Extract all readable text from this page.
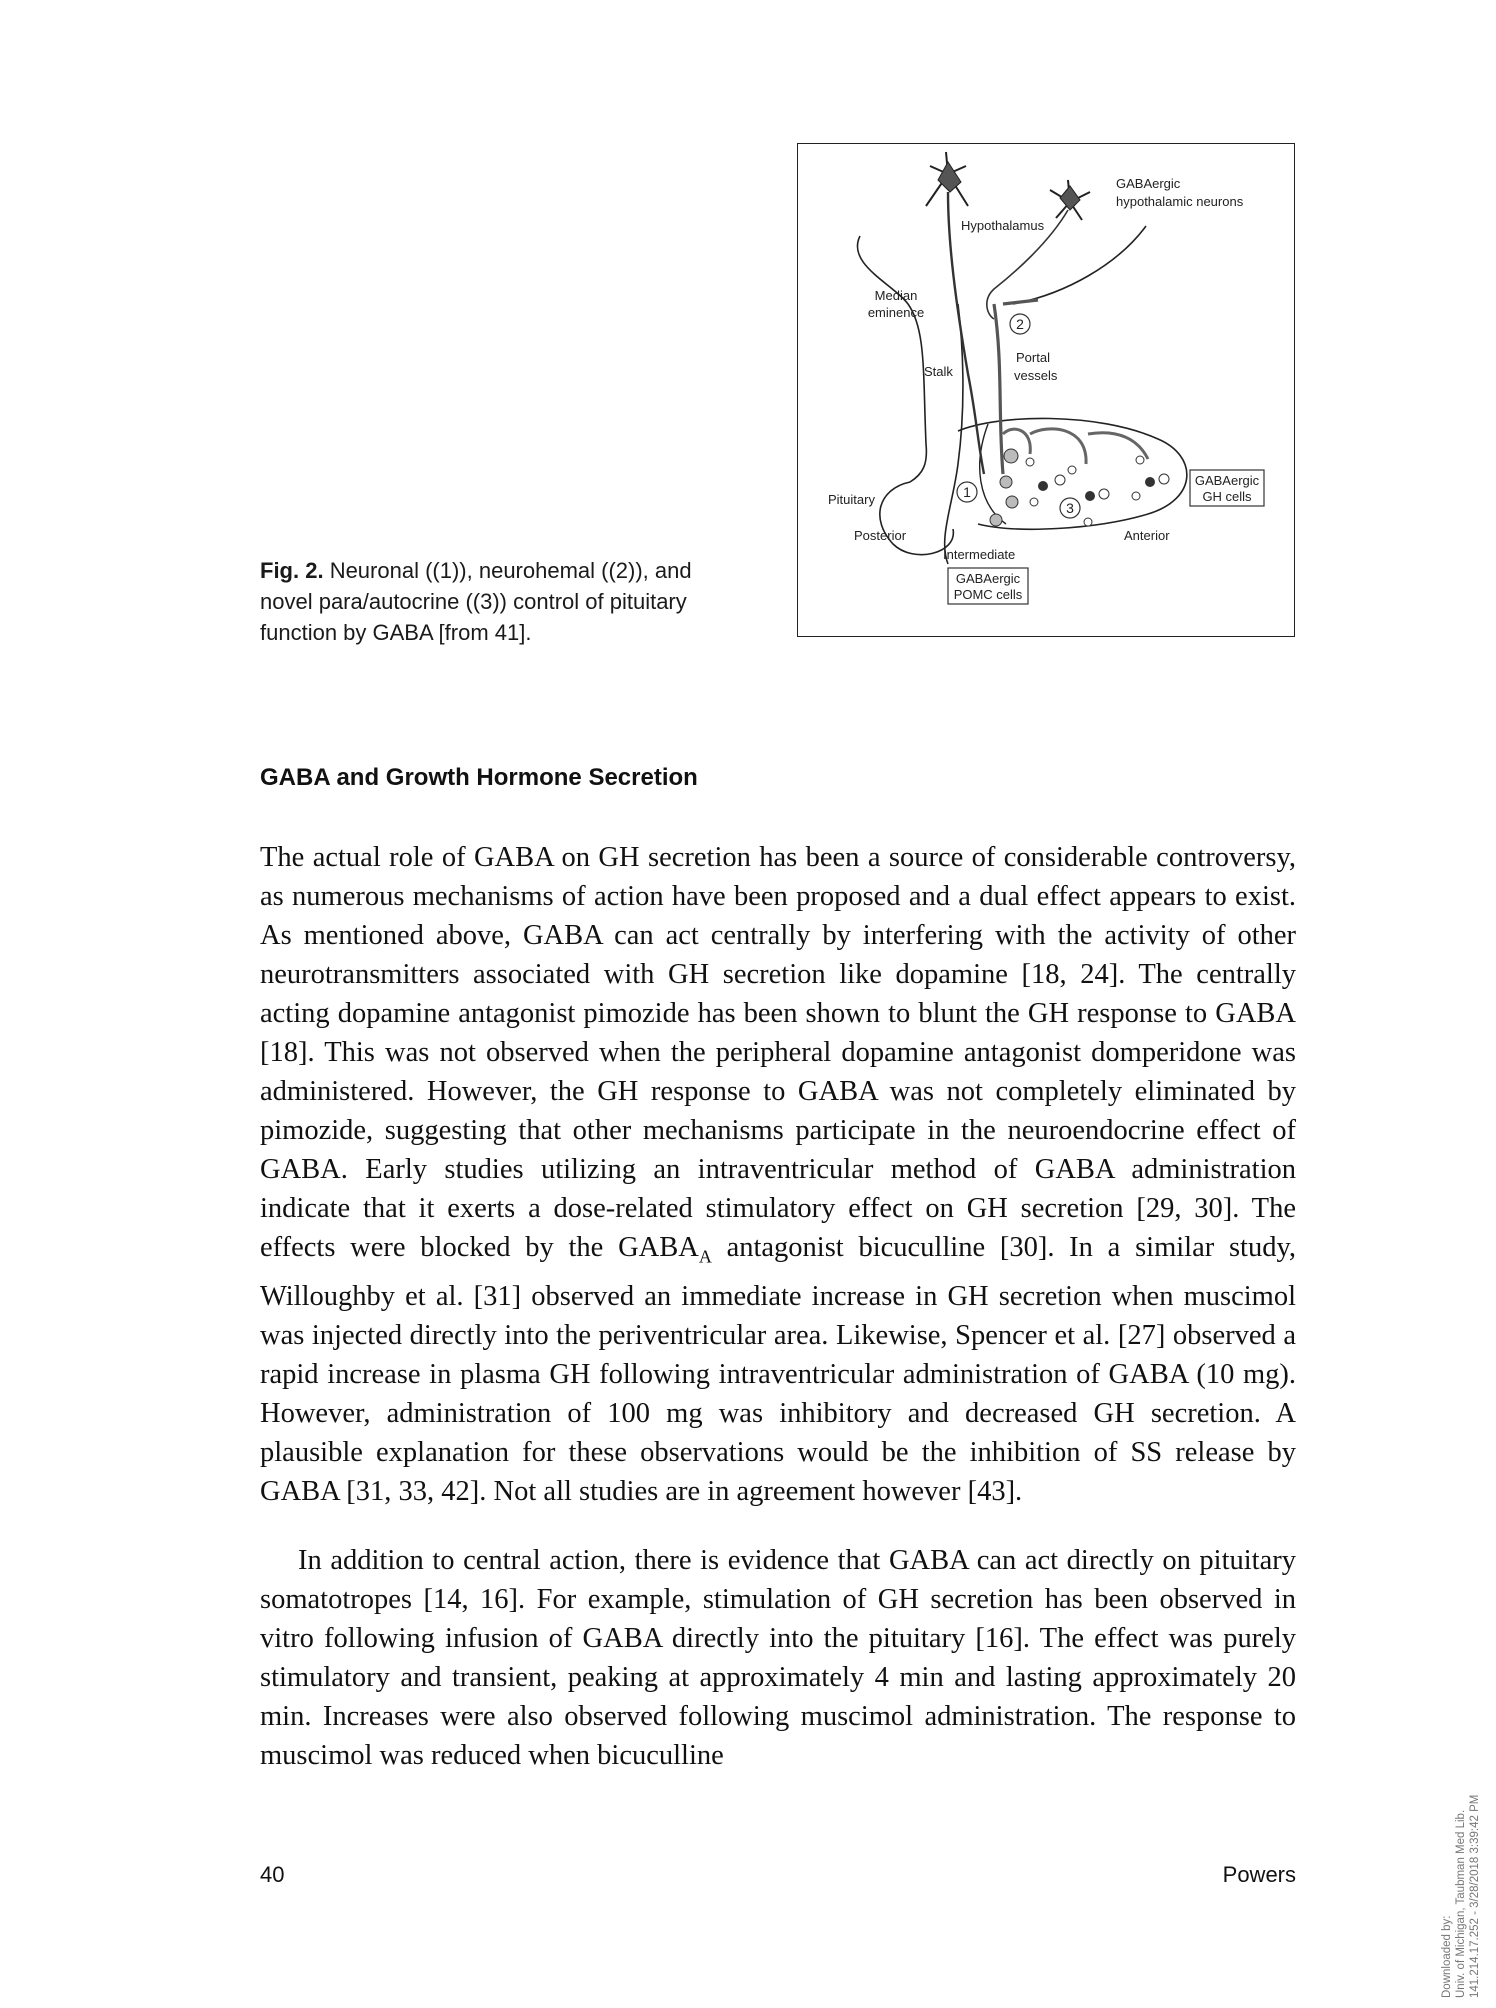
1
2
3
GABAergic
hypothalamic neurons
Hypothalamus
Median
eminence
Stalk
Portal
vessels
Pituitary
Posterior	Anterior
Intermediate
GABAergic
GH cells
GABAergic
POMC cells
Fig. 2. Neuronal ((1)), neurohemal ((2)), and novel para/autocrine ((3)) control of pituitary function by GABA [from 41].
GABA and Growth Hormone Secretion
The actual role of GABA on GH secretion has been a source of considerable controversy, as numerous mechanisms of action have been proposed and a dual effect appears to exist. As mentioned above, GABA can act centrally by interfering with the activity of other neurotransmitters associated with GH secretion like dopamine [18, 24]. The centrally acting dopamine antagonist pimozide has been shown to blunt the GH response to GABA [18]. This was not observed when the peripheral dopamine antagonist domperidone was administered. However, the GH response to GABA was not completely eliminated by pimozide, suggesting that other mechanisms participate in the neuroendocrine effect of GABA. Early studies utilizing an intraventricular method of GABA administration indicate that it exerts a dose-related stimulatory effect on GH secretion [29, 30]. The effects were blocked by the $GABA_A$ antagonist bicuculline [30]. In a similar study, Willoughby et al. [31] observed an immediate increase in GH secretion when muscimol was injected directly into the periventricular area. Likewise, Spencer et al. [27] observed a rapid increase in plasma GH following intraventricular administration of GABA (10 mg). However, administration of 100 mg was inhibitory and decreased GH secretion. A plausible explanation for these observations would be the inhibition of SS release by GABA [31, 33, 42]. Not all studies are in agreement however [43].
In addition to central action, there is evidence that GABA can act directly on pituitary somatotropes [14, 16]. For example, stimulation of GH secretion has been observed in vitro following infusion of GABA directly into the pituitary [16]. The effect was purely stimulatory and transient, peaking at approximately 4 min and lasting approximately 20 min. Increases were also observed following muscimol administration. The response to muscimol was reduced when bicuculline
40	Powers
Downloaded by: Univ. of Michigan, Taubman Med Lib. 141.214.17.252 - 3/28/2018 3:39:42 PM
